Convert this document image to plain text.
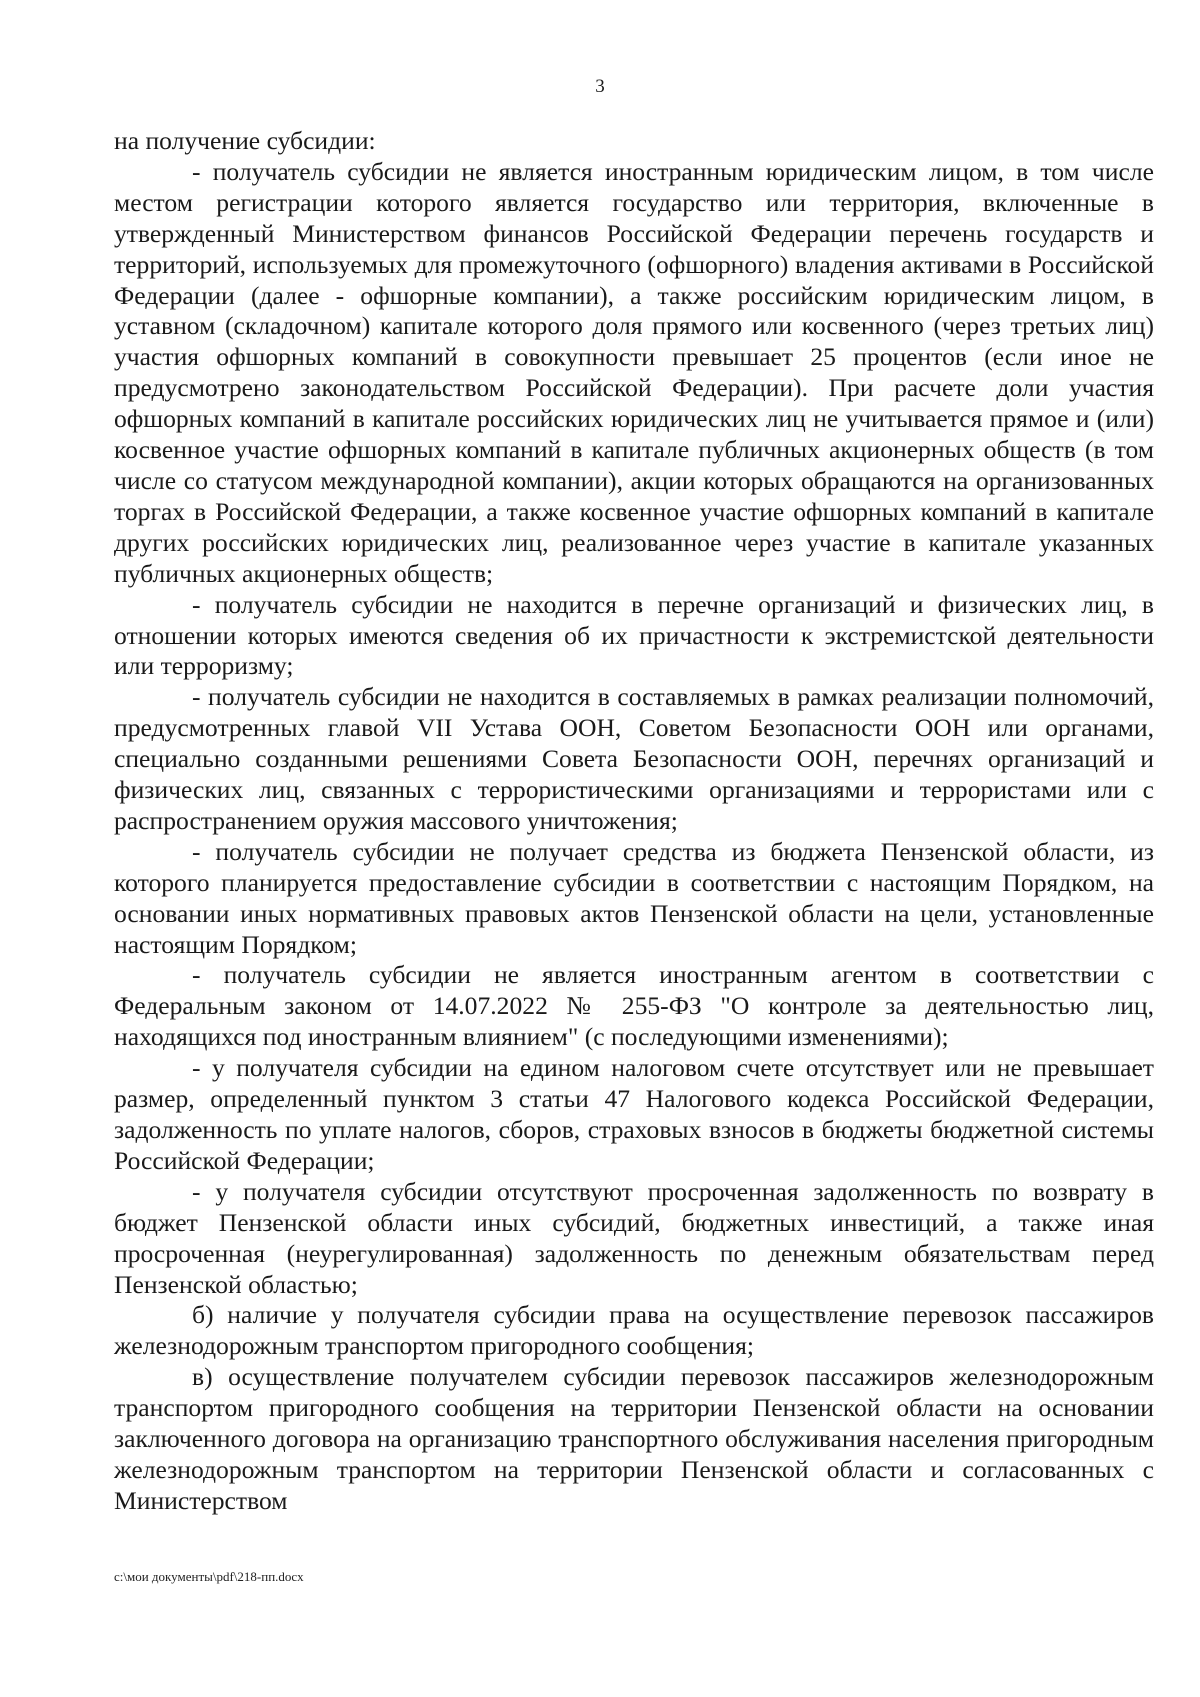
3

на получение субсидии:

- получатель субсидии не является иностранным юридическим лицом, в том числе местом регистрации которого является государство или территория, включенные в утвержденный Министерством финансов Российской Федерации перечень государств и территорий, используемых для промежуточного (офшорного) владения активами в Российской Федерации (далее - офшорные компании), а также российским юридическим лицом, в уставном (складочном) капитале которого доля прямого или косвенного (через третьих лиц) участия офшорных компаний в совокупности превышает 25 процентов (если иное не предусмотрено законодательством Российской Федерации). При расчете доли участия офшорных компаний в капитале российских юридических лиц не учитывается прямое и (или) косвенное участие офшорных компаний в капитале публичных акционерных обществ (в том числе со статусом международной компании), акции которых обращаются на организованных торгах в Российской Федерации, а также косвенное участие офшорных компаний в капитале других российских юридических лиц, реализованное через участие в капитале указанных публичных акционерных обществ;

- получатель субсидии не находится в перечне организаций и физических лиц, в отношении которых имеются сведения об их причастности к экстремистской деятельности или терроризму;

- получатель субсидии не находится в составляемых в рамках реализации полномочий, предусмотренных главой VII Устава ООН, Советом Безопасности ООН или органами, специально созданными решениями Совета Безопасности ООН, перечнях организаций и физических лиц, связанных с террористическими организациями и террористами или с распространением оружия массового уничтожения;

- получатель субсидии не получает средства из бюджета Пензенской области, из которого планируется предоставление субсидии в соответствии с настоящим Порядком, на основании иных нормативных правовых актов Пензенской области на цели, установленные настоящим Порядком;

- получатель субсидии не является иностранным агентом в соответствии с Федеральным законом от 14.07.2022 № 255-ФЗ "О контроле за деятельностью лиц, находящихся под иностранным влиянием" (с последующими изменениями);

- у получателя субсидии на едином налоговом счете отсутствует или не превышает размер, определенный пунктом 3 статьи 47 Налогового кодекса Российской Федерации, задолженность по уплате налогов, сборов, страховых взносов в бюджеты бюджетной системы Российской Федерации;

- у получателя субсидии отсутствуют просроченная задолженность по возврату в бюджет Пензенской области иных субсидий, бюджетных инвестиций, а также иная просроченная (неурегулированная) задолженность по денежным обязательствам перед Пензенской областью;

б) наличие у получателя субсидии права на осуществление перевозок пассажиров железнодорожным транспортом пригородного сообщения;

в) осуществление получателем субсидии перевозок пассажиров железнодорожным транспортом пригородного сообщения на территории Пензенской области на основании заключенного договора на организацию транспортного обслуживания населения пригородным железнодорожным транспортом на территории Пензенской области и согласованных с Министерством

c:\мои документы\pdf\218-пп.docx
